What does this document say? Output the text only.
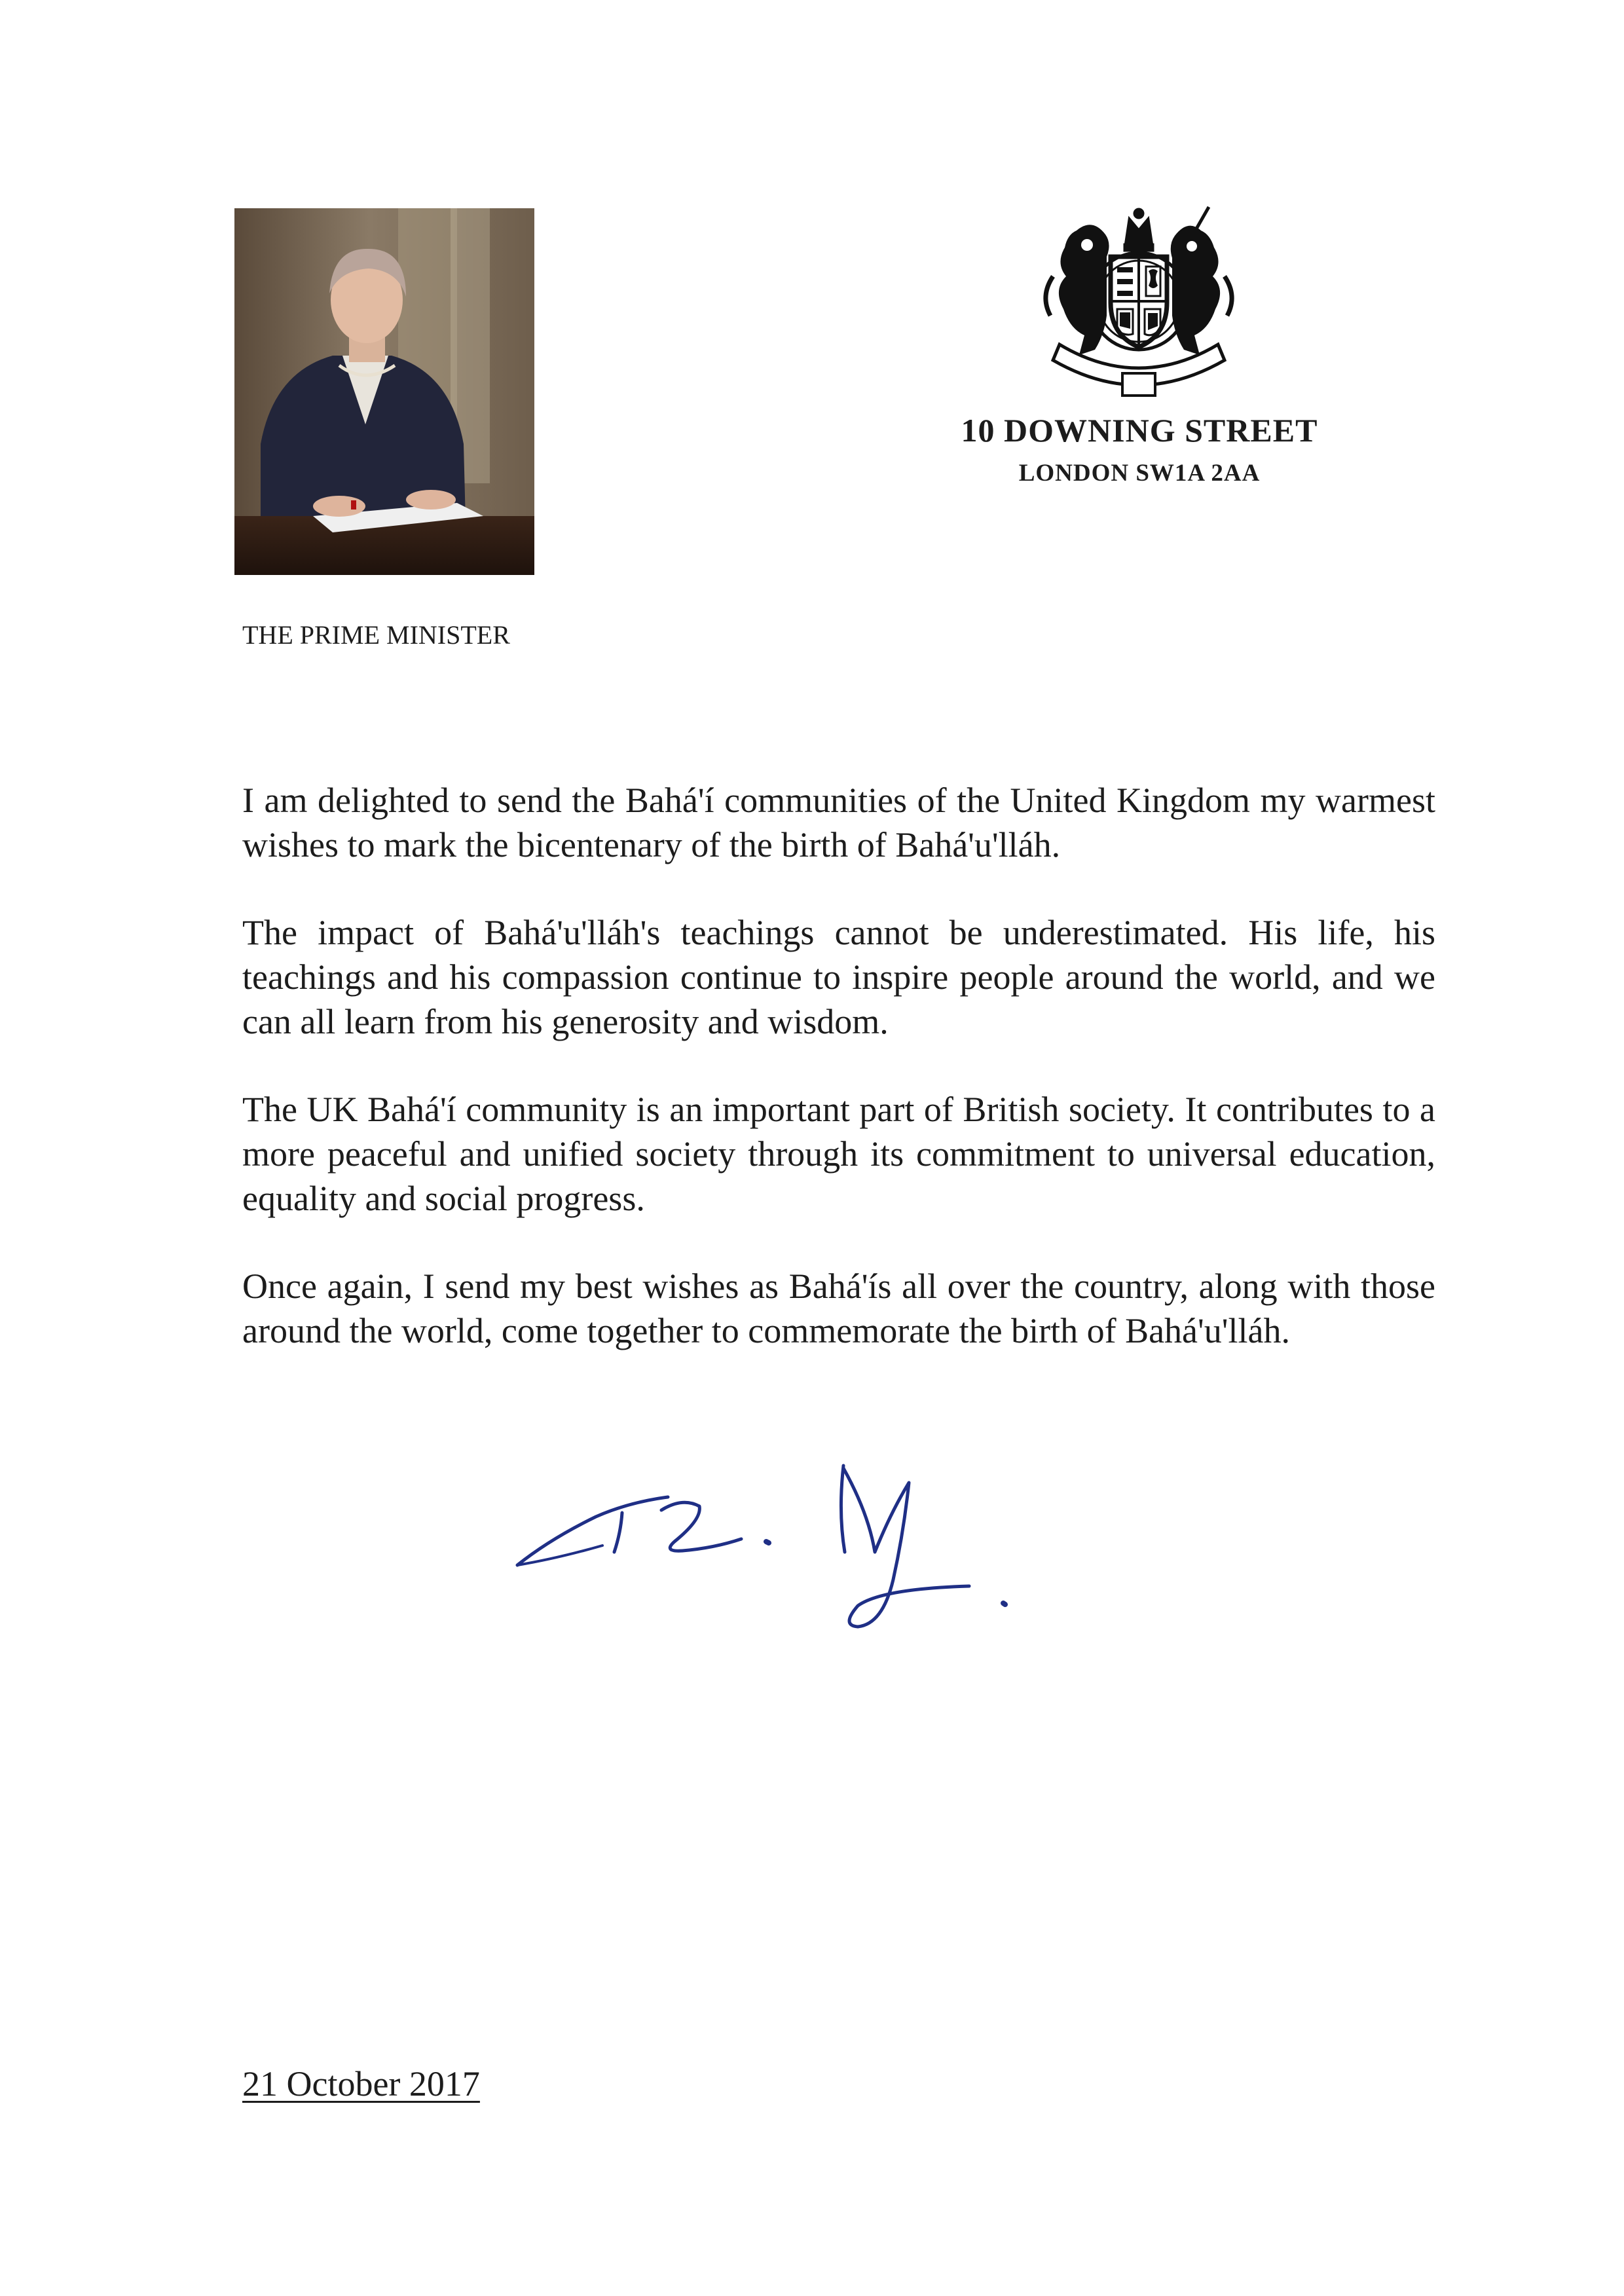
10 DOWNING STREET
LONDON SW1A 2AA
THE PRIME MINISTER

I am delighted to send the Bahá'í communities of the United Kingdom my warmest wishes to mark the bicentenary of the birth of Bahá'u'lláh.

The impact of Bahá'u'lláh's teachings cannot be underestimated. His life, his teachings and his compassion continue to inspire people around the world, and we can all learn from his generosity and wisdom.

The UK Bahá'í community is an important part of British society. It contributes to a more peaceful and unified society through its commitment to universal education, equality and social progress.

Once again, I send my best wishes as Bahá'ís all over the country, along with those around the world, come together to commemorate the birth of Bahá'u'lláh.

21 October 2017
